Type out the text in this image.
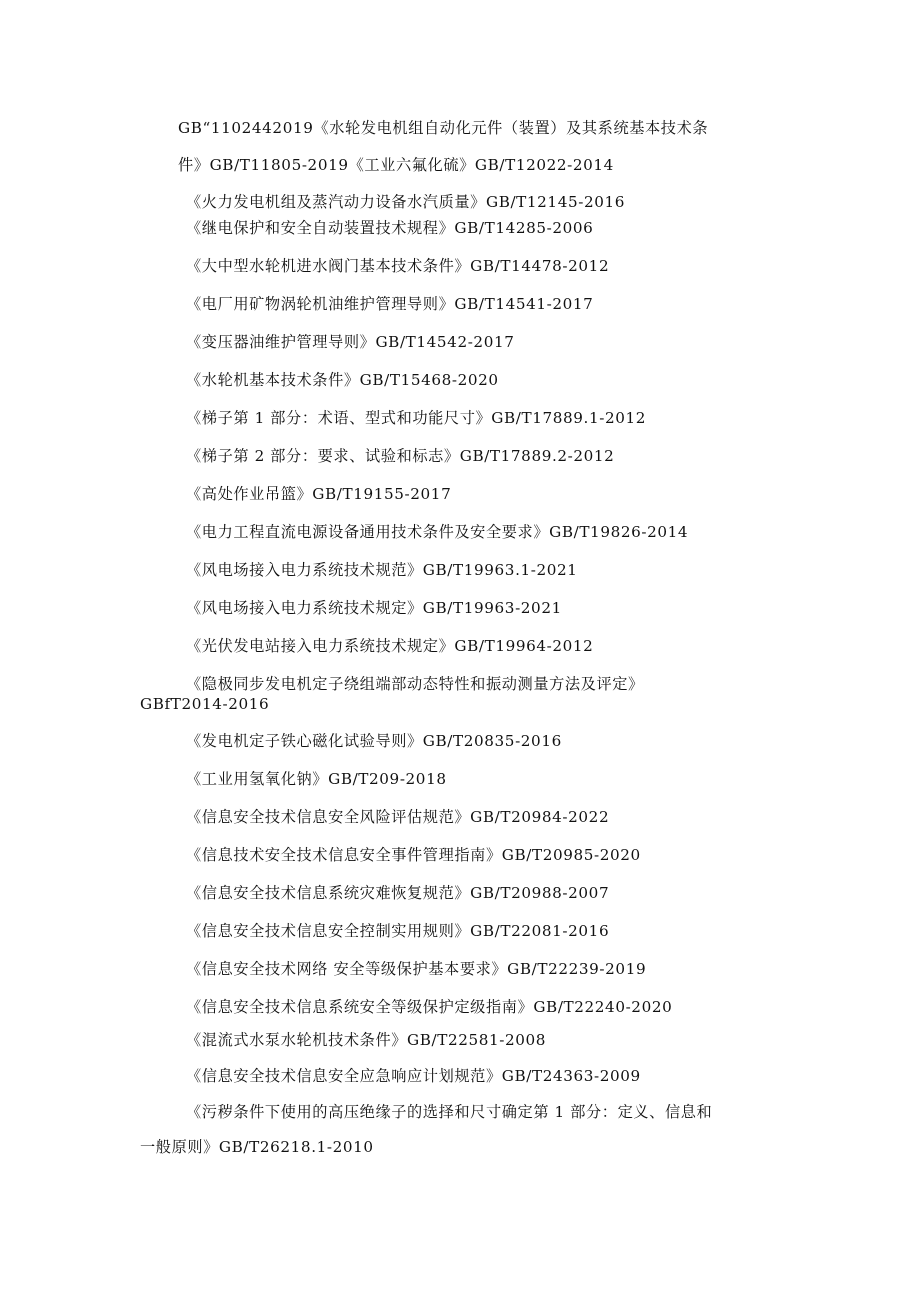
GB“1102442019《水轮发电机组自动化元件（装置）及其系统基本技术条
件》GB/T11805-2019《工业六氟化硫》GB/T12022-2014
《火力发电机组及蒸汽动力设备水汽质量》GB/T12145-2016
《继电保护和安全自动装置技术规程》GB/T14285-2006
《大中型水轮机进水阀门基本技术条件》GB/T14478-2012
《电厂用矿物涡轮机油维护管理导则》GB/T14541-2017
《变压器油维护管理导则》GB/T14542-2017
《水轮机基本技术条件》GB/T15468-2020
《梯子第 1 部分：术语、型式和功能尺寸》GB/T17889.1-2012
《梯子第 2 部分：要求、试验和标志》GB/T17889.2-2012
《高处作业吊篮》GB/T19155-2017
《电力工程直流电源设备通用技术条件及安全要求》GB/T19826-2014
《风电场接入电力系统技术规范》GB/T19963.1-2021
《风电场接入电力系统技术规定》GB/T19963-2021
《光伏发电站接入电力系统技术规定》GB/T19964-2012
《隐极同步发电机定子绕组端部动态特性和振动测量方法及评定》
GBfT2014-2016
《发电机定子铁心磁化试验导则》GB/T20835-2016
《工业用氢氧化钠》GB/T209-2018
《信息安全技术信息安全风险评估规范》GB/T20984-2022
《信息技术安全技术信息安全事件管理指南》GB/T20985-2020
《信息安全技术信息系统灾难恢复规范》GB/T20988-2007
《信息安全技术信息安全控制实用规则》GB/T22081-2016
《信息安全技术网络 安全等级保护基本要求》GB/T22239-2019
《信息安全技术信息系统安全等级保护定级指南》GB/T22240-2020
《混流式水泵水轮机技术条件》GB/T22581-2008
《信息安全技术信息安全应急响应计划规范》GB/T24363-2009
《污秽条件下使用的高压绝缘子的选择和尺寸确定第 1 部分：定义、信息和
一般原则》GB/T26218.1-2010
